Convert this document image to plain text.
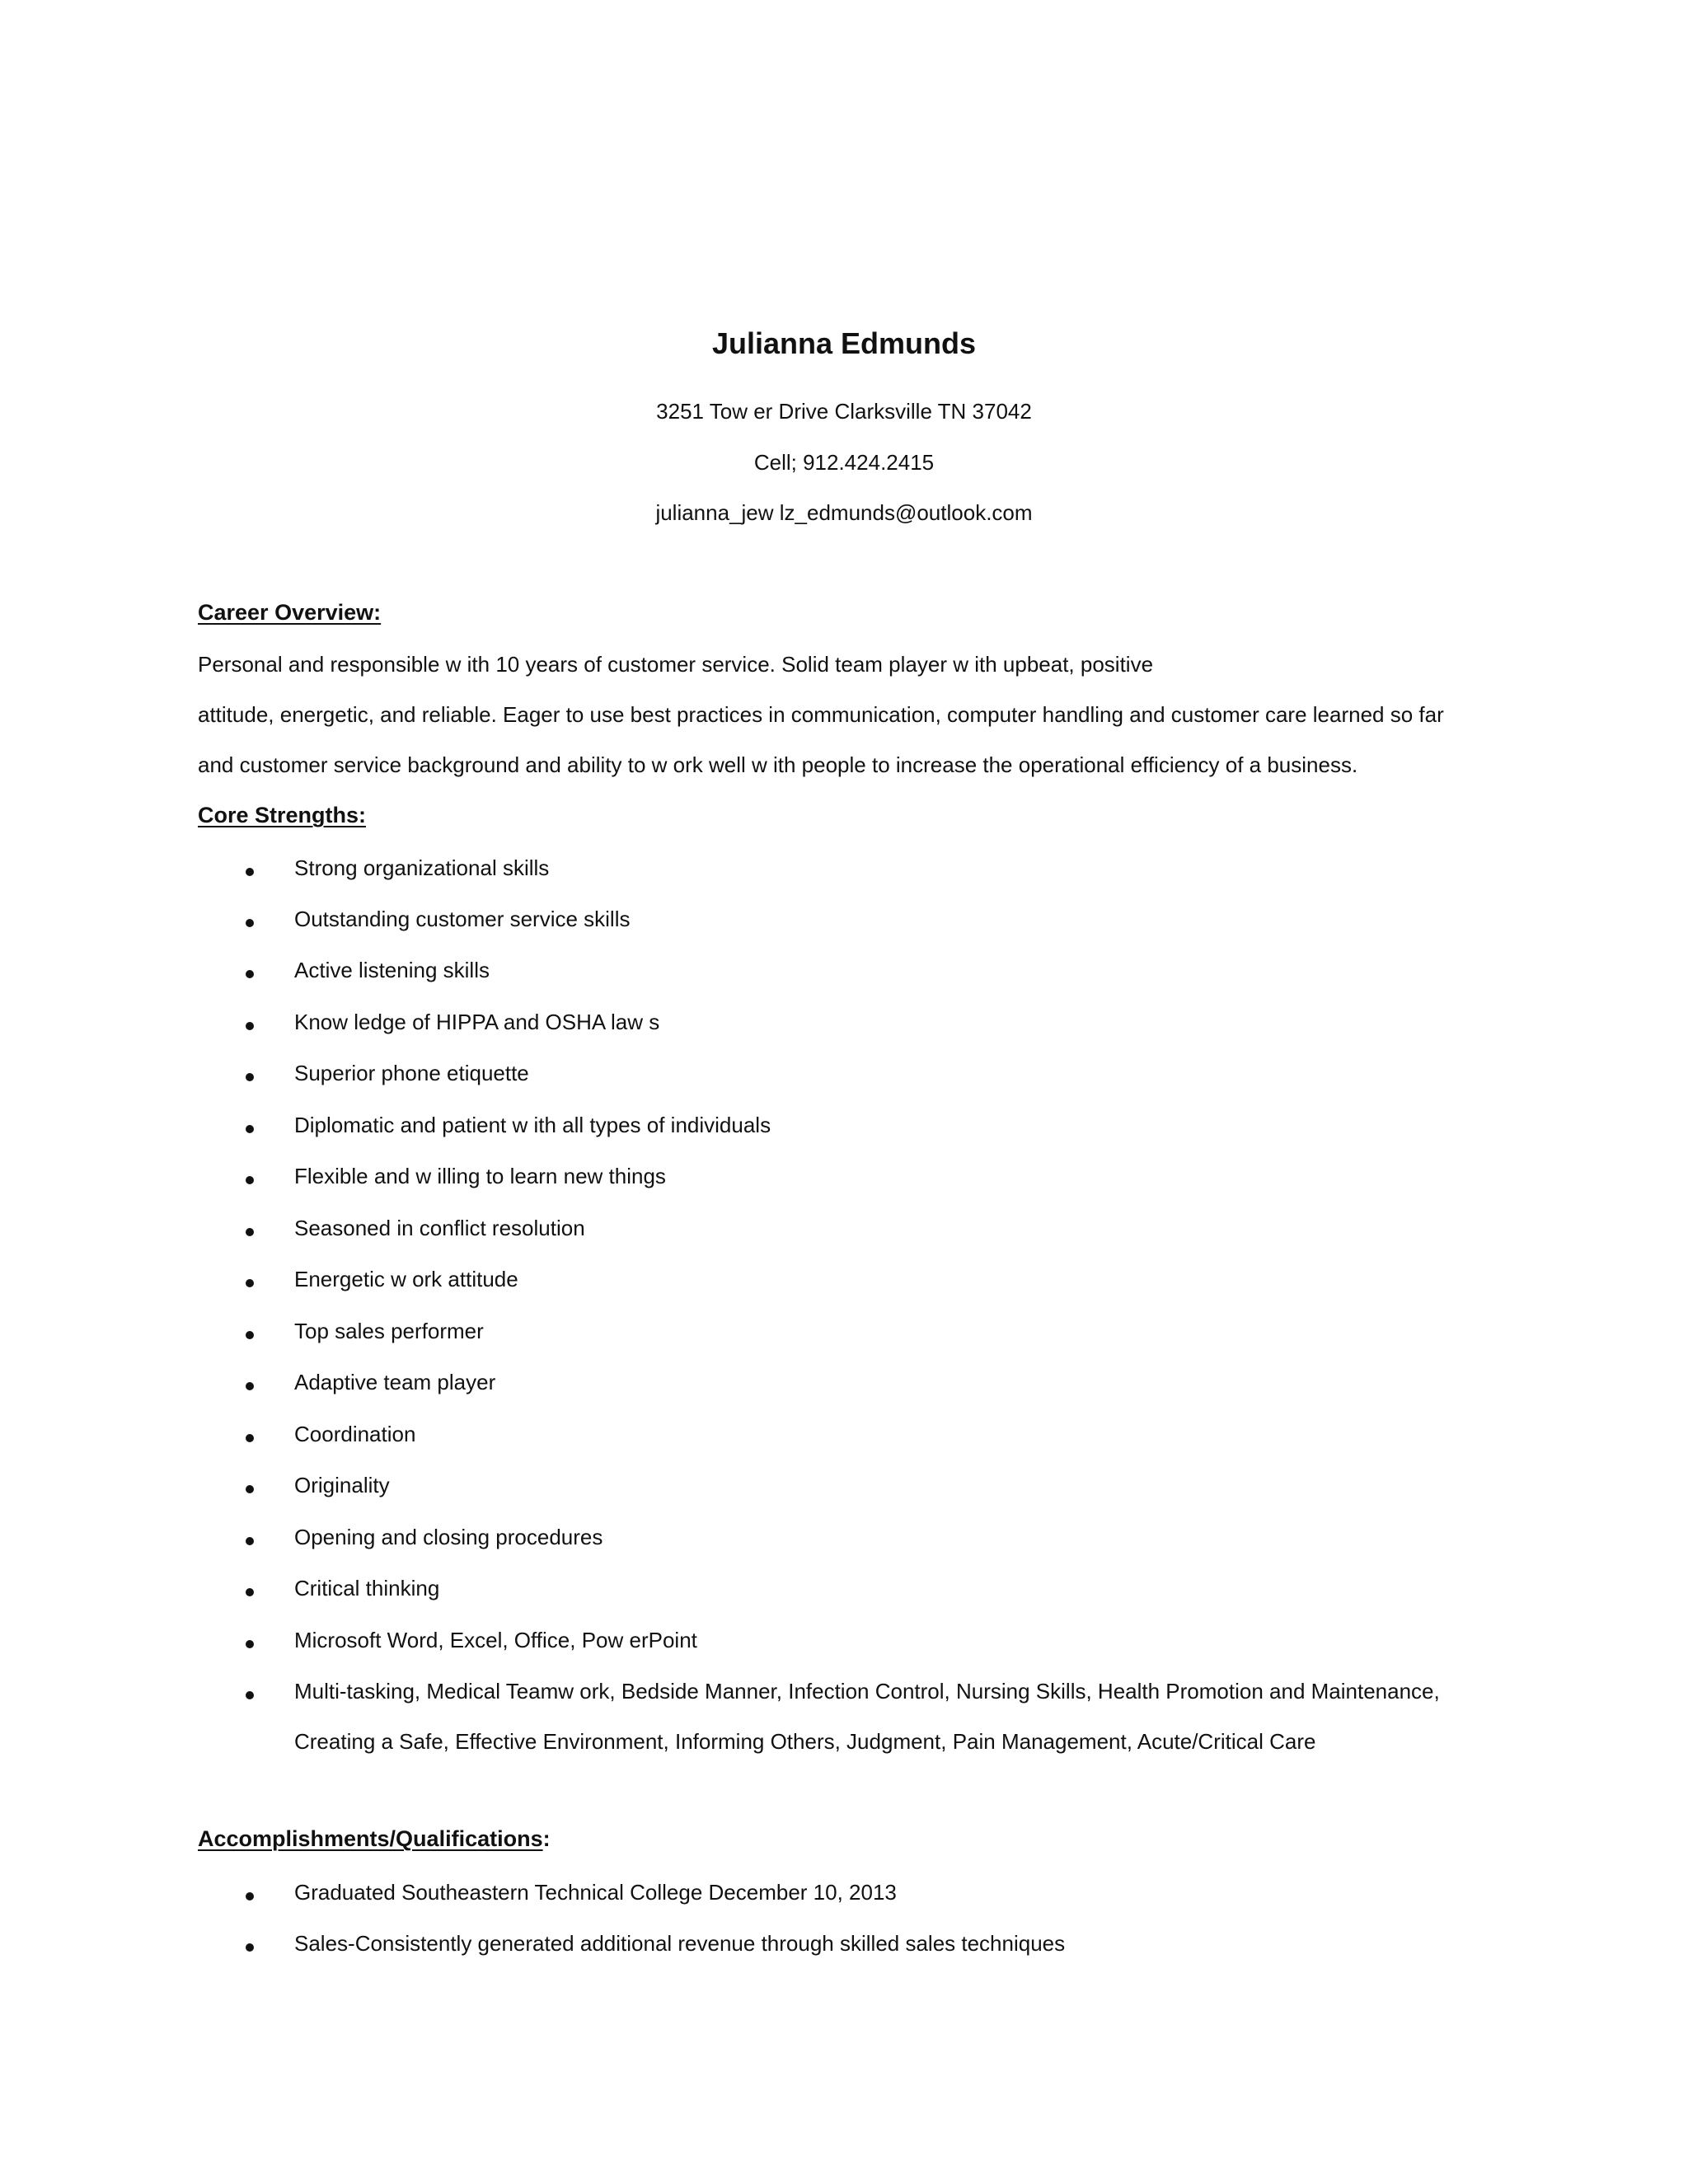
Julianna Edmunds
3251 Tow er Drive Clarksville TN 37042
Cell; 912.424.2415
julianna_jew lz_edmunds@outlook.com
Career Overview:
Personal and responsible w ith 10 years of customer service. Solid team player w ith upbeat, positive
attitude, energetic, and reliable. Eager to use best practices in communication, computer handling and customer care learned so far
and customer service background and ability to w ork well w ith people to increase the operational efficiency of a business.
Core Strengths:
Strong organizational skills
Outstanding customer service skills
Active listening skills
Know ledge of HIPPA and OSHA law s
Superior phone etiquette
Diplomatic and patient w ith all types of individuals
Flexible and w illing to learn new things
Seasoned in conflict resolution
Energetic w ork attitude
Top sales performer
Adaptive team player
Coordination
Originality
Opening and closing procedures
Critical thinking
Microsoft Word, Excel, Office, Pow erPoint
Multi-tasking, Medical Teamw ork, Bedside Manner, Infection Control, Nursing Skills, Health Promotion and Maintenance,
Creating a Safe, Effective Environment, Informing Others, Judgment, Pain Management, Acute/Critical Care
Accomplishments/Qualifications:
Graduated Southeastern Technical College December 10, 2013
Sales-Consistently generated additional revenue through skilled sales techniques
